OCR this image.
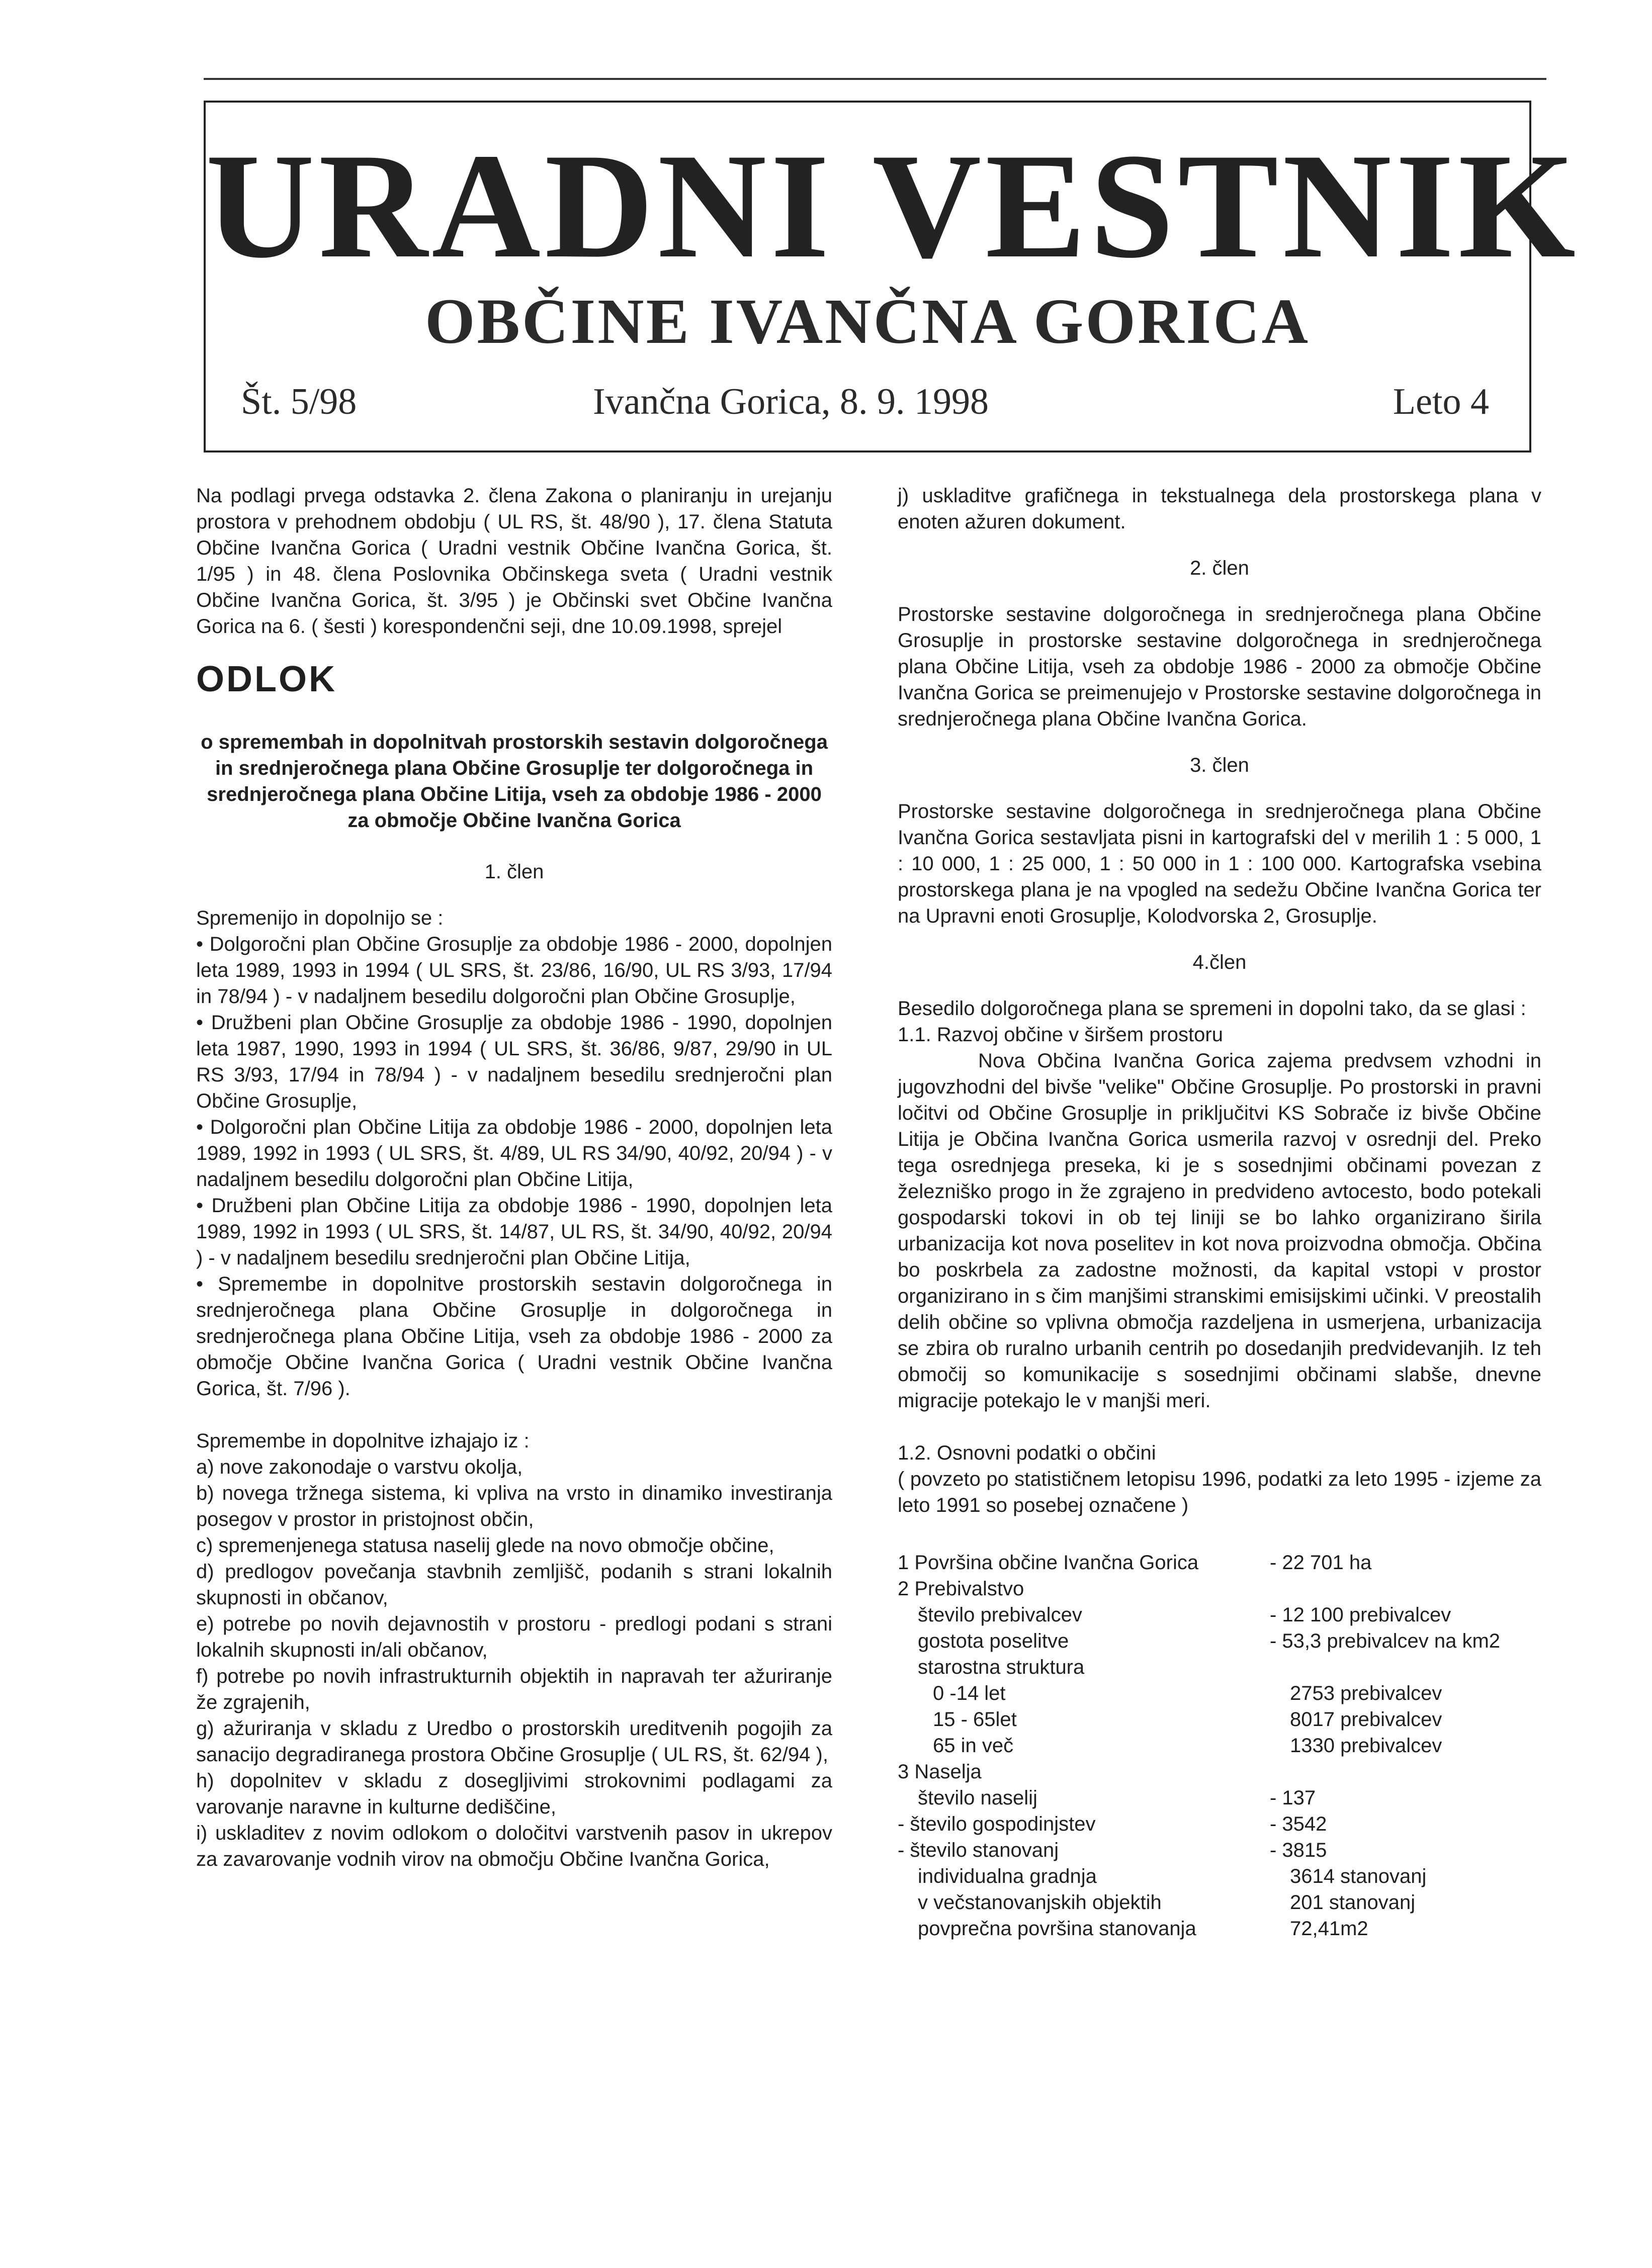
URADNI VESTNIK
OBČINE IVANČNA GORICA
Št. 5/98	Ivančna Gorica, 8. 9. 1998	Leto 4

Na podlagi prvega odstavka 2. člena Zakona o planiranju in urejanju prostora v prehodnem obdobju ( UL RS, št. 48/90 ), 17. člena Statuta Občine Ivančna Gorica ( Uradni vestnik Občine Ivančna Gorica, št. 1/95 ) in 48. člena Poslovnika Občinskega sveta ( Uradni vestnik Občine Ivančna Gorica, št. 3/95 ) je Občinski svet Občine Ivančna Gorica na 6. ( šesti ) korespondenčni seji, dne 10.09.1998, sprejel

ODLOK

o spremembah in dopolnitvah prostorskih sestavin dolgoročnega in srednjeročnega plana Občine Grosuplje ter dolgoročnega in srednjeročnega plana Občine Litija, vseh za obdobje 1986 - 2000 za območje Občine Ivančna Gorica

1. člen

Spremenijo in dopolnijo se :

• Dolgoročni plan Občine Grosuplje za obdobje 1986 - 2000, dopolnjen leta 1989, 1993 in 1994 ( UL SRS, št. 23/86, 16/90, UL RS 3/93, 17/94 in 78/94 ) - v nadaljnem besedilu dolgoročni plan Občine Grosuplje,

• Družbeni plan Občine Grosuplje za obdobje 1986 - 1990, dopolnjen leta 1987, 1990, 1993 in 1994 ( UL SRS, št. 36/86, 9/87, 29/90 in UL RS 3/93, 17/94 in 78/94 ) - v nadaljnem besedilu srednjeročni plan Občine Grosuplje,

• Dolgoročni plan Občine Litija za obdobje 1986 - 2000, dopolnjen leta 1989, 1992 in 1993 ( UL SRS, št. 4/89, UL RS 34/90, 40/92, 20/94 ) - v nadaljnem besedilu dolgoročni plan Občine Litija,

• Družbeni plan Občine Litija za obdobje 1986 - 1990, dopolnjen leta 1989, 1992 in 1993 ( UL SRS, št. 14/87, UL RS, št. 34/90, 40/92, 20/94 ) - v nadaljnem besedilu srednjeročni plan Občine Litija,

• Spremembe in dopolnitve prostorskih sestavin dolgoročnega in srednjeročnega plana Občine Grosuplje in dolgoročnega in srednjeročnega plana Občine Litija, vseh za obdobje 1986 - 2000 za območje Občine Ivančna Gorica ( Uradni vestnik Občine Ivančna Gorica, št. 7/96 ).

Spremembe in dopolnitve izhajajo iz :

a) nove zakonodaje o varstvu okolja,

b) novega tržnega sistema, ki vpliva na vrsto in dinamiko investiranja posegov v prostor in pristojnost občin,

c) spremenjenega statusa naselij glede na novo območje občine,

d) predlogov povečanja stavbnih zemljišč, podanih s strani lokalnih skupnosti in občanov,

e) potrebe po novih dejavnostih v prostoru - predlogi podani s strani lokalnih skupnosti in/ali občanov,

f) potrebe po novih infrastrukturnih objektih in napravah ter ažuriranje že zgrajenih,

g) ažuriranja v skladu z Uredbo o prostorskih ureditvenih pogojih za sanacijo degradiranega prostora Občine Grosuplje ( UL RS, št. 62/94 ),

h) dopolnitev v skladu z dosegljivimi strokovnimi podlagami za varovanje naravne in kulturne dediščine,

i) uskladitev z novim odlokom o določitvi varstvenih pasov in ukrepov za zavarovanje vodnih virov na območju Občine Ivančna Gorica,

j) uskladitve grafičnega in tekstualnega dela prostorskega plana v enoten ažuren dokument.

2. člen

Prostorske sestavine dolgoročnega in srednjeročnega plana Občine Grosuplje in prostorske sestavine dolgoročnega in srednjeročnega plana Občine Litija, vseh za obdobje 1986 - 2000 za območje Občine Ivančna Gorica se preimenujejo v Prostorske sestavine dolgoročnega in srednjeročnega plana Občine Ivančna Gorica.

3. člen

Prostorske sestavine dolgoročnega in srednjeročnega plana Občine Ivančna Gorica sestavljata pisni in kartografski del v merilih 1 : 5 000, 1 : 10 000, 1 : 25 000, 1 : 50 000 in 1 : 100 000. Kartografska vsebina prostorskega plana je na vpogled na sedežu Občine Ivančna Gorica ter na Upravni enoti Grosuplje, Kolodvorska 2, Grosuplje.

4.člen

Besedilo dolgoročnega plana se spremeni in dopolni tako, da se glasi :

1.1. Razvoj občine v širšem prostoru

Nova Občina Ivančna Gorica zajema predvsem vzhodni in jugovzhodni del bivše "velike" Občine Grosuplje. Po prostorski in pravni ločitvi od Občine Grosuplje in priključitvi KS Sobrače iz bivše Občine Litija je Občina Ivančna Gorica usmerila razvoj v osrednji del. Preko tega osrednjega preseka, ki je s sosednjimi občinami povezan z železniško progo in že zgrajeno in predvideno avtocesto, bodo potekali gospodarski tokovi in ob tej liniji se bo lahko organizirano širila urbanizacija kot nova poselitev in kot nova proizvodna območja. Občina bo poskrbela za zadostne možnosti, da kapital vstopi v prostor organizirano in s čim manjšimi stranskimi emisijskimi učinki. V preostalih delih občine so vplivna območja razdeljena in usmerjena, urbanizacija se zbira ob ruralno urbanih centrih po dosedanjih predvidevanjih. Iz teh območij so komunikacije s sosednjimi občinami slabše, dnevne migracije potekajo le v manjši meri.

1.2. Osnovni podatki o občini

( povzeto po statističnem letopisu 1996, podatki za leto 1995 - izjeme za leto 1991 so posebej označene )

1 Površina občine Ivančna Gorica	- 22 701 ha
2 Prebivalstvo
število prebivalcev	- 12 100 prebivalcev
gostota poselitve	- 53,3 prebivalcev na km2
starostna struktura
0 -14 let	2753 prebivalcev
15 - 65let	8017 prebivalcev
65 in več	1330 prebivalcev
3 Naselja
število naselij	- 137
- število gospodinjstev	- 3542
- število stanovanj	- 3815
individualna gradnja	3614 stanovanj
v večstanovanjskih objektih	201 stanovanj
povprečna površina stanovanja	72,41m2
